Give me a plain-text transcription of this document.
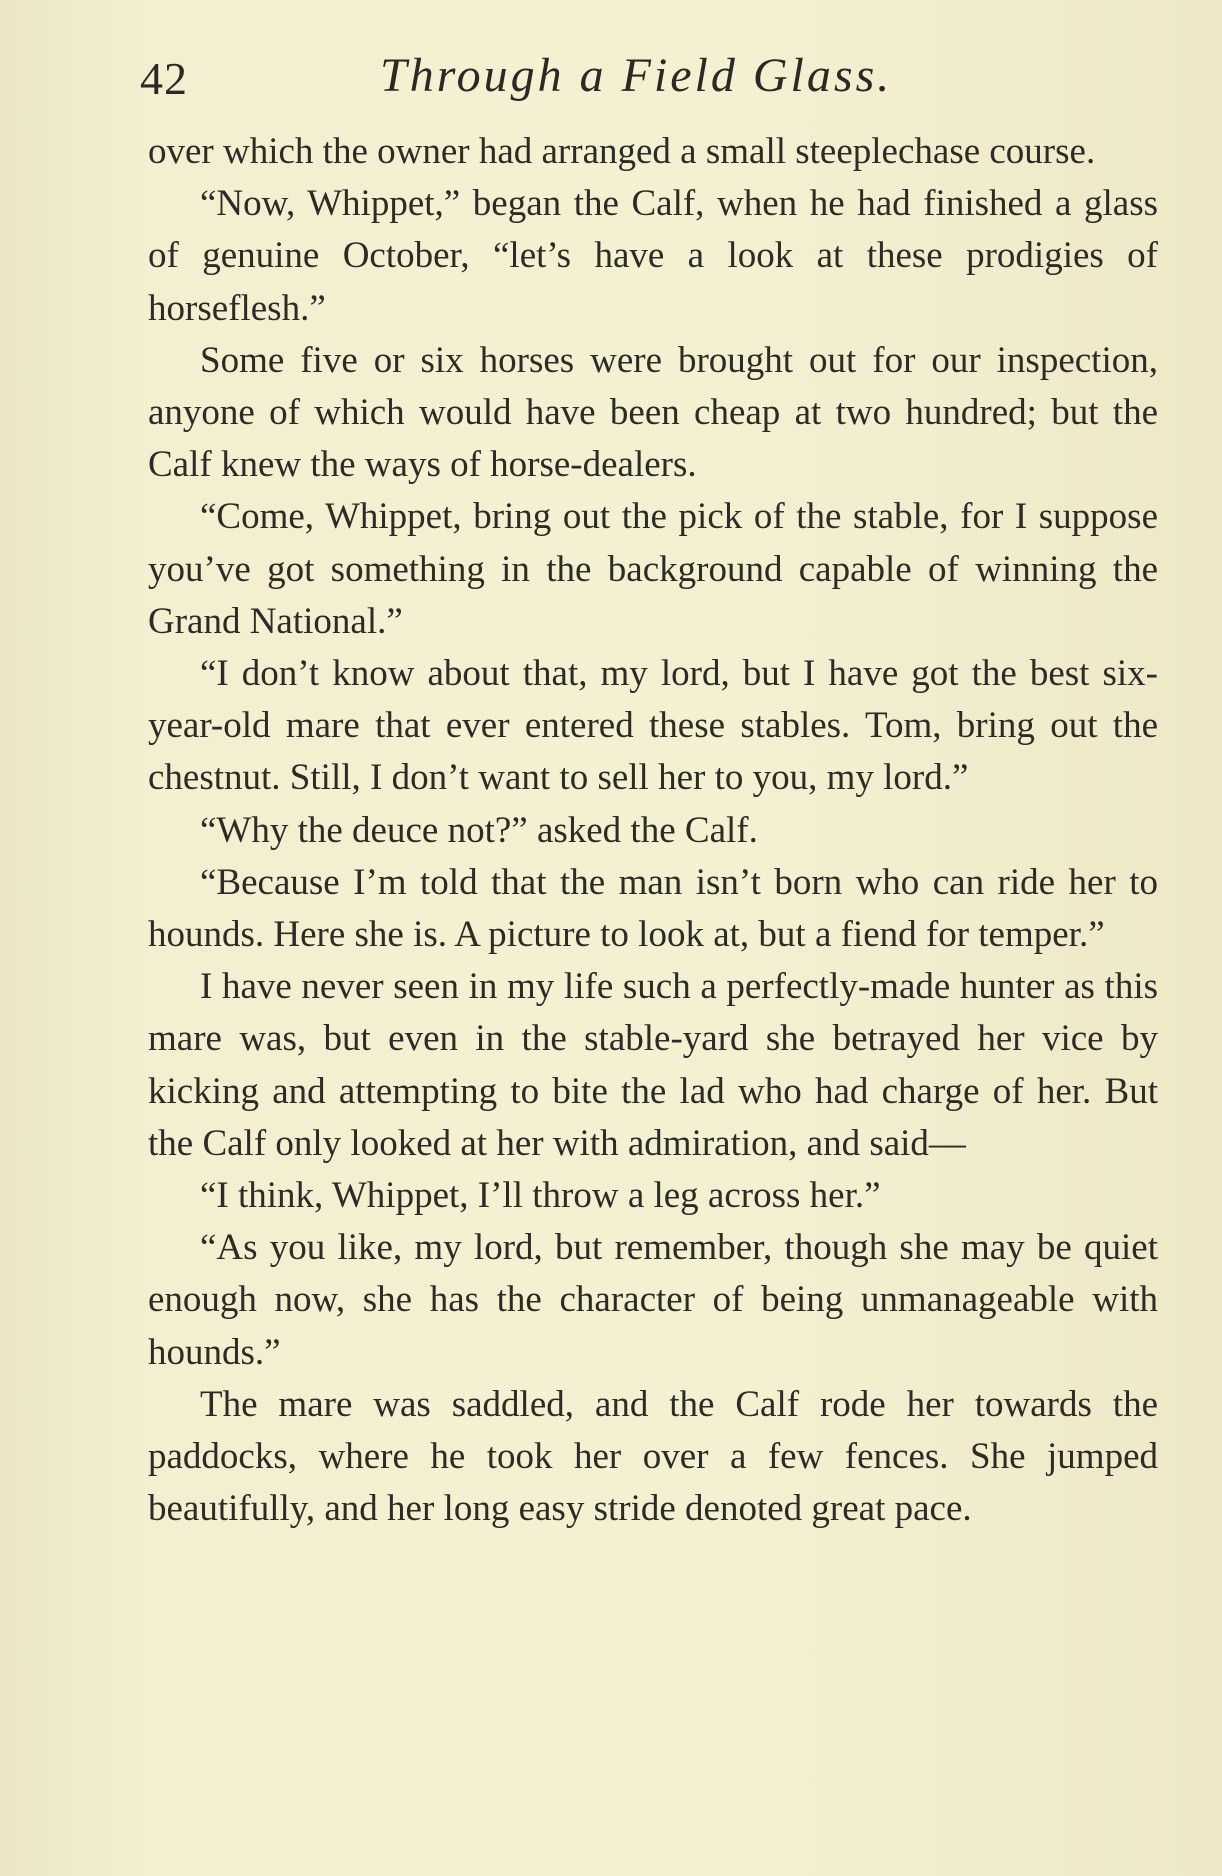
42	Through a Field Glass.

over which the owner had arranged a small steeplechase course.

“Now, Whippet,” began the Calf, when he had finished a glass of genuine October, “let’s have a look at these prodigies of horseflesh.”

Some five or six horses were brought out for our inspection, anyone of which would have been cheap at two hundred; but the Calf knew the ways of horse-dealers.

“Come, Whippet, bring out the pick of the stable, for I suppose you’ve got something in the background capable of winning the Grand National.”

“I don’t know about that, my lord, but I have got the best six-year-old mare that ever entered these stables. Tom, bring out the chestnut. Still, I don’t want to sell her to you, my lord.”

“Why the deuce not?” asked the Calf.

“Because I’m told that the man isn’t born who can ride her to hounds. Here she is. A picture to look at, but a fiend for temper.”

I have never seen in my life such a perfectly-made hunter as this mare was, but even in the stable-yard she betrayed her vice by kicking and attempting to bite the lad who had charge of her. But the Calf only looked at her with admiration, and said—

“I think, Whippet, I’ll throw a leg across her.”

“As you like, my lord, but remember, though she may be quiet enough now, she has the character of being unmanageable with hounds.”

The mare was saddled, and the Calf rode her towards the paddocks, where he took her over a few fences. She jumped beautifully, and her long easy stride denoted great pace.
